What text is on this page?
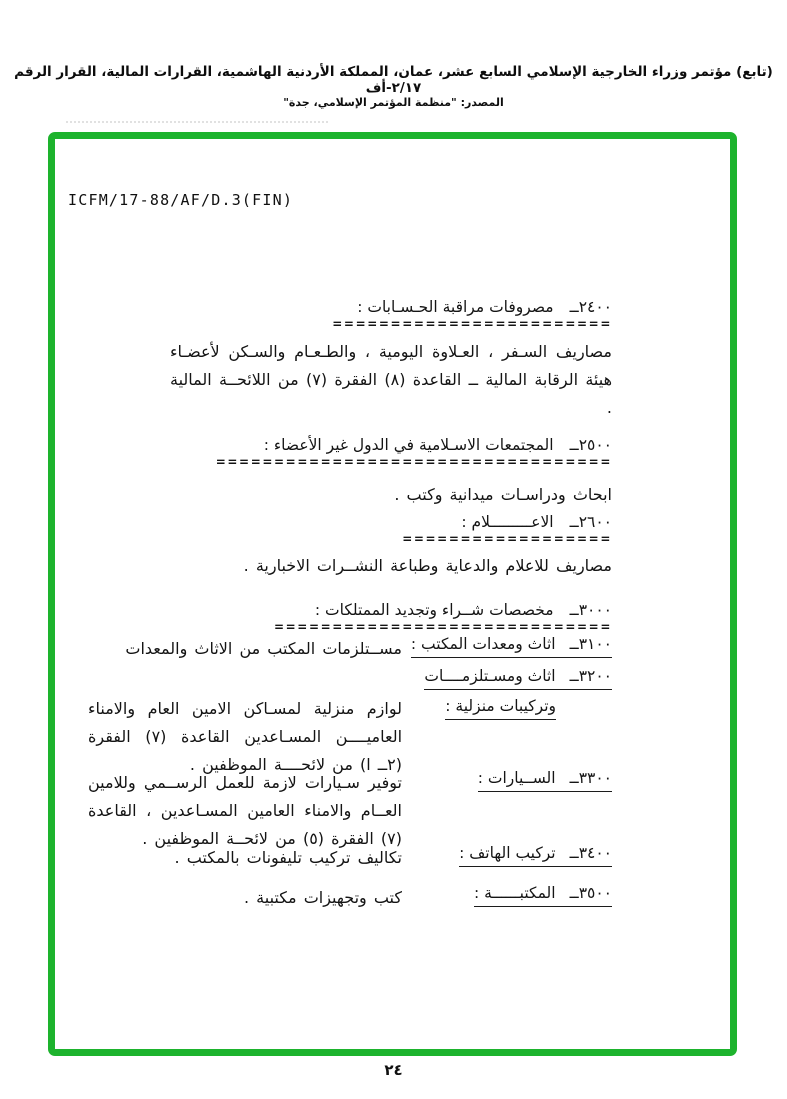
(تابع) مؤتمر وزراء الخارجية الإسلامي السابع عشر، عمان، المملكة الأردنية الهاشمية، القرارات المالية، القرار الرقم ٢/١٧-أف
المصدر: "منظمة المؤتمر الإسلامي، جدة"
ICFM/17-88/AF/D.3(FIN)
٢٤٠٠ــ
مصروفات مراقبة الحـسـابات :
========================
مصاريف السـفر ، العـلاوة اليومية ، والطـعـام والسـكن لأعضـاء هيئة الرقابة المالية ــ القاعدة (٨) الفقرة (٧) من اللائحــة المالية .
٢٥٠٠ــ
المجتمعات الاسـلامية في الدول غير الأعضاء :
==================================
ابحاث ودراسـات ميدانية وكتب .
٢٦٠٠ــ
الاعـــــــــلام :
==================
مصاريف للاعلام والدعاية وطباعة النشــرات الاخبارية .
٣٠٠٠ــ
مخصصات شــراء وتجديد الممتلكات :
=============================
٣١٠٠ــ
اثاث ومعدات المكتب :
مســتلزمات المكتب من الاثاث والمعدات
٣٢٠٠ــ
اثاث ومسـتلزمــــات
وتركيبات منزلية :
لوازم منزلية لمسـاكن الامين العام والامناء العاميــــن المسـاعدين القاعدة (٧) الفقرة (٢ــ ا) من لائحــــة الموظفين .
٣٣٠٠ــ
الســيارات :
توفير سـيارات لازمة للعمل الرســمي وللامين العــام والامناء العامين المسـاعدين ، القاعدة (٧) الفقرة (٥) من لائحــة الموظفين .
٣٤٠٠ــ
تركيب الهاتف :
تكاليف تركيب تليفونات بالمكتب .
٣٥٠٠ــ
المكتبــــــة :
كتب وتجهيزات مكتبية .
٢٤
